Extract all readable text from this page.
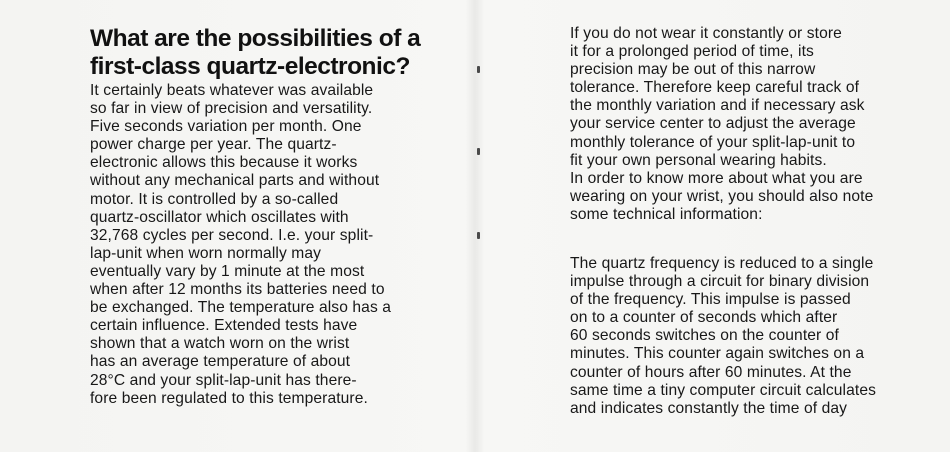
What are the possibilities of a
first-class quartz-electronic?
It certainly beats whatever was available
so far in view of precision and versatility.
Five seconds variation per month. One
power charge per year. The quartz-
electronic allows this because it works
without any mechanical parts and without
motor. It is controlled by a so-called
quartz-oscillator which oscillates with
32,768 cycles per second. I.e. your split-
lap-unit when worn normally may
eventually vary by 1 minute at the most
when after 12 months its batteries need to
be exchanged. The temperature also has a
certain influence. Extended tests have
shown that a watch worn on the wrist
has an average temperature of about
28°C and your split-lap-unit has there-
fore been regulated to this temperature.
If you do not wear it constantly or store
it for a prolonged period of time, its
precision may be out of this narrow
tolerance. Therefore keep careful track of
the monthly variation and if necessary ask
your service center to adjust the average
monthly tolerance of your split-lap-unit to
fit your own personal wearing habits.
In order to know more about what you are
wearing on your wrist, you should also note
some technical information:
The quartz frequency is reduced to a single
impulse through a circuit for binary division
of the frequency. This impulse is passed
on to a counter of seconds which after
60 seconds switches on the counter of
minutes. This counter again switches on a
counter of hours after 60 minutes. At the
same time a tiny computer circuit calculates
and indicates constantly the time of day
